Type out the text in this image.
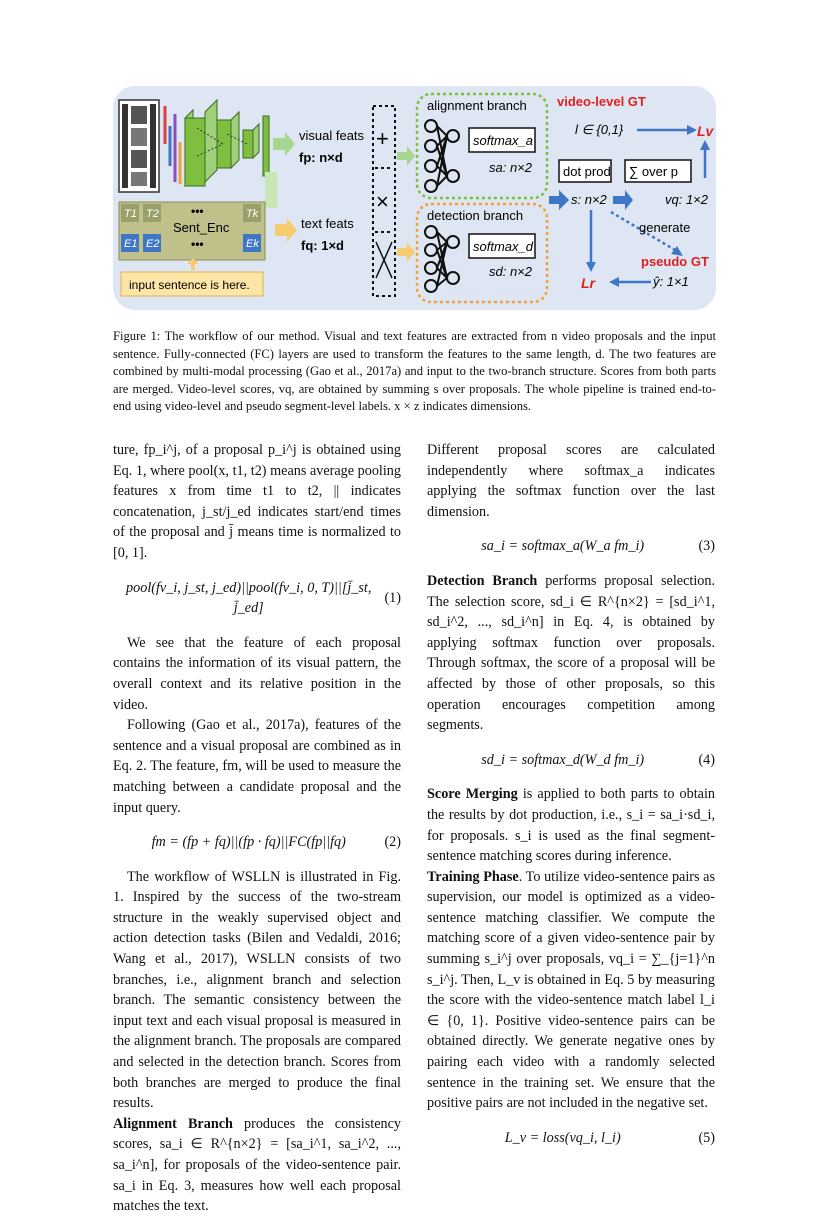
visual feats
fp: n×d
T1 T2	Tk
E1 E2	Ek
•••
Sent_Enc
•••
input sentence is here.
text feats
fq: 1×d
+
×
alignment branch
softmax_a
sa: n×2
detection branch
softmax_d
sd: n×2
dot prod
s: n×2
∑ over p
video-level GT
l ∈ {0,1}	Lv
vq: 1×2
Lr
generate
pseudo GT
ŷ: 1×1
Figure 1: The workflow of our method. Visual and text features are extracted from n video proposals and the input sentence. Fully-connected (FC) layers are used to transform the features to the same length, d. The two features are combined by multi-modal processing (Gao et al., 2017a) and input to the two-branch structure. Scores from both parts are merged. Video-level scores, vq, are obtained by summing s over proposals. The whole pipeline is trained end-to-end using video-level and pseudo segment-level labels. x × z indicates dimensions.

ture, fp_i^j, of a proposal p_i^j is obtained using Eq. 1, where pool(x, t1, t2) means average pooling features x from time t1 to t2, || indicates concatenation, j_st/j_ed indicates start/end times of the proposal and j̄ means time is normalized to [0, 1].

pool(fv_i, j_st, j_ed)||pool(fv_i, 0, T)||[j̄_st, j̄_ed]
(1)

We see that the feature of each proposal contains the information of its visual pattern, the overall context and its relative position in the video.

Following (Gao et al., 2017a), features of the sentence and a visual proposal are combined as in Eq. 2. The feature, fm, will be used to measure the matching between a candidate proposal and the input query.

fm = (fp + fq)||(fp · fq)||FC(fp||fq)	(2)

The workflow of WSLLN is illustrated in Fig. 1. Inspired by the success of the two-stream structure in the weakly supervised object and action detection tasks (Bilen and Vedaldi, 2016; Wang et al., 2017), WSLLN consists of two branches, i.e., alignment branch and selection branch. The semantic consistency between the input text and each visual proposal is measured in the alignment branch. The proposals are compared and selected in the detection branch. Scores from both branches are merged to produce the final results.

Alignment Branch produces the consistency scores, sa_i ∈ R^{n×2} = [sa_i^1, sa_i^2, ..., sa_i^n], for proposals of the video-sentence pair. sa_i in Eq. 3, measures how well each proposal matches the text.

Different proposal scores are calculated independently where softmax_a indicates applying the softmax function over the last dimension.

sa_i = softmax_a(W_a fm_i)	(3)

Detection Branch performs proposal selection. The selection score, sd_i ∈ R^{n×2} = [sd_i^1, sd_i^2, ..., sd_i^n] in Eq. 4, is obtained by applying softmax function over proposals. Through softmax, the score of a proposal will be affected by those of other proposals, so this operation encourages competition among segments.

sd_i = softmax_d(W_d fm_i)	(4)

Score Merging is applied to both parts to obtain the results by dot production, i.e., s_i = sa_i·sd_i, for proposals. s_i is used as the final segment-sentence matching scores during inference.

Training Phase. To utilize video-sentence pairs as supervision, our model is optimized as a video-sentence matching classifier. We compute the matching score of a given video-sentence pair by summing s_i^j over proposals, vq_i = ∑_{j=1}^n s_i^j. Then, L_v is obtained in Eq. 5 by measuring the score with the video-sentence match label l_i ∈ {0, 1}. Positive video-sentence pairs can be obtained directly. We generate negative ones by pairing each video with a randomly selected sentence in the training set. We ensure that the positive pairs are not included in the negative set.

L_v = loss(vq_i, l_i)	(5)
